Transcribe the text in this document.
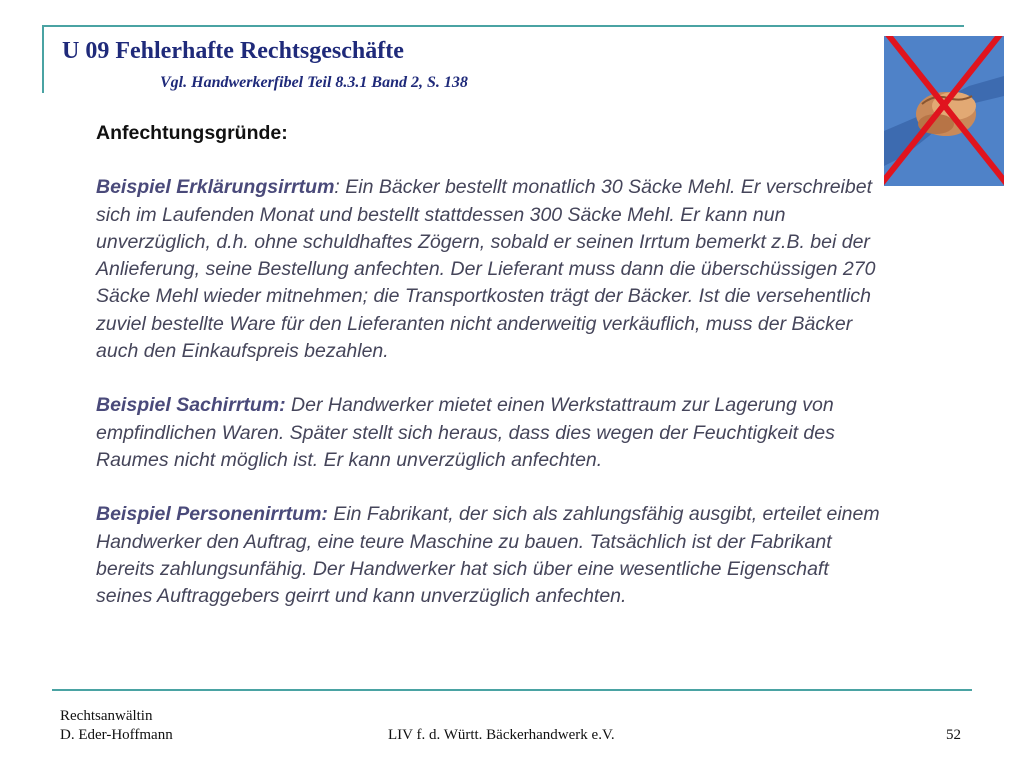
U 09 Fehlerhafte Rechtsgeschäfte
Vgl. Handwerkerfibel Teil 8.3.1 Band 2, S. 138

Anfechtungsgründe:

Beispiel Erklärungsirrtum: Ein Bäcker bestellt monatlich 30 Säcke Mehl. Er verschreibet sich im Laufenden Monat und bestellt stattdessen 300 Säcke Mehl. Er kann nun unverzüglich, d.h. ohne schuldhaftes Zögern, sobald er seinen Irrtum bemerkt z.B. bei der Anlieferung, seine Bestellung anfechten. Der Lieferant muss dann die überschüssigen 270 Säcke Mehl wieder mitnehmen; die Transportkosten trägt der Bäcker. Ist die versehentlich zuviel bestellte Ware für den Lieferanten nicht anderweitig verkäuflich, muss der Bäcker auch den Einkaufspreis bezahlen.

Beispiel Sachirrtum: Der Handwerker mietet einen Werkstattraum zur Lagerung von empfindlichen Waren. Später stellt sich heraus, dass dies wegen der Feuchtigkeit des Raumes nicht möglich ist. Er kann unverzüglich anfechten.

Beispiel Personenirrtum: Ein Fabrikant, der sich als zahlungsfähig ausgibt, erteilet einem Handwerker den Auftrag, eine teure Maschine zu bauen. Tatsächlich ist der Fabrikant bereits zahlungsunfähig. Der Handwerker hat sich über eine wesentliche Eigenschaft seines Auftraggebers geirrt und kann unverzüglich anfechten.

Rechtsanwältin
D. Eder-Hoffmann	LIV f. d. Württ. Bäckerhandwerk e.V.	52
